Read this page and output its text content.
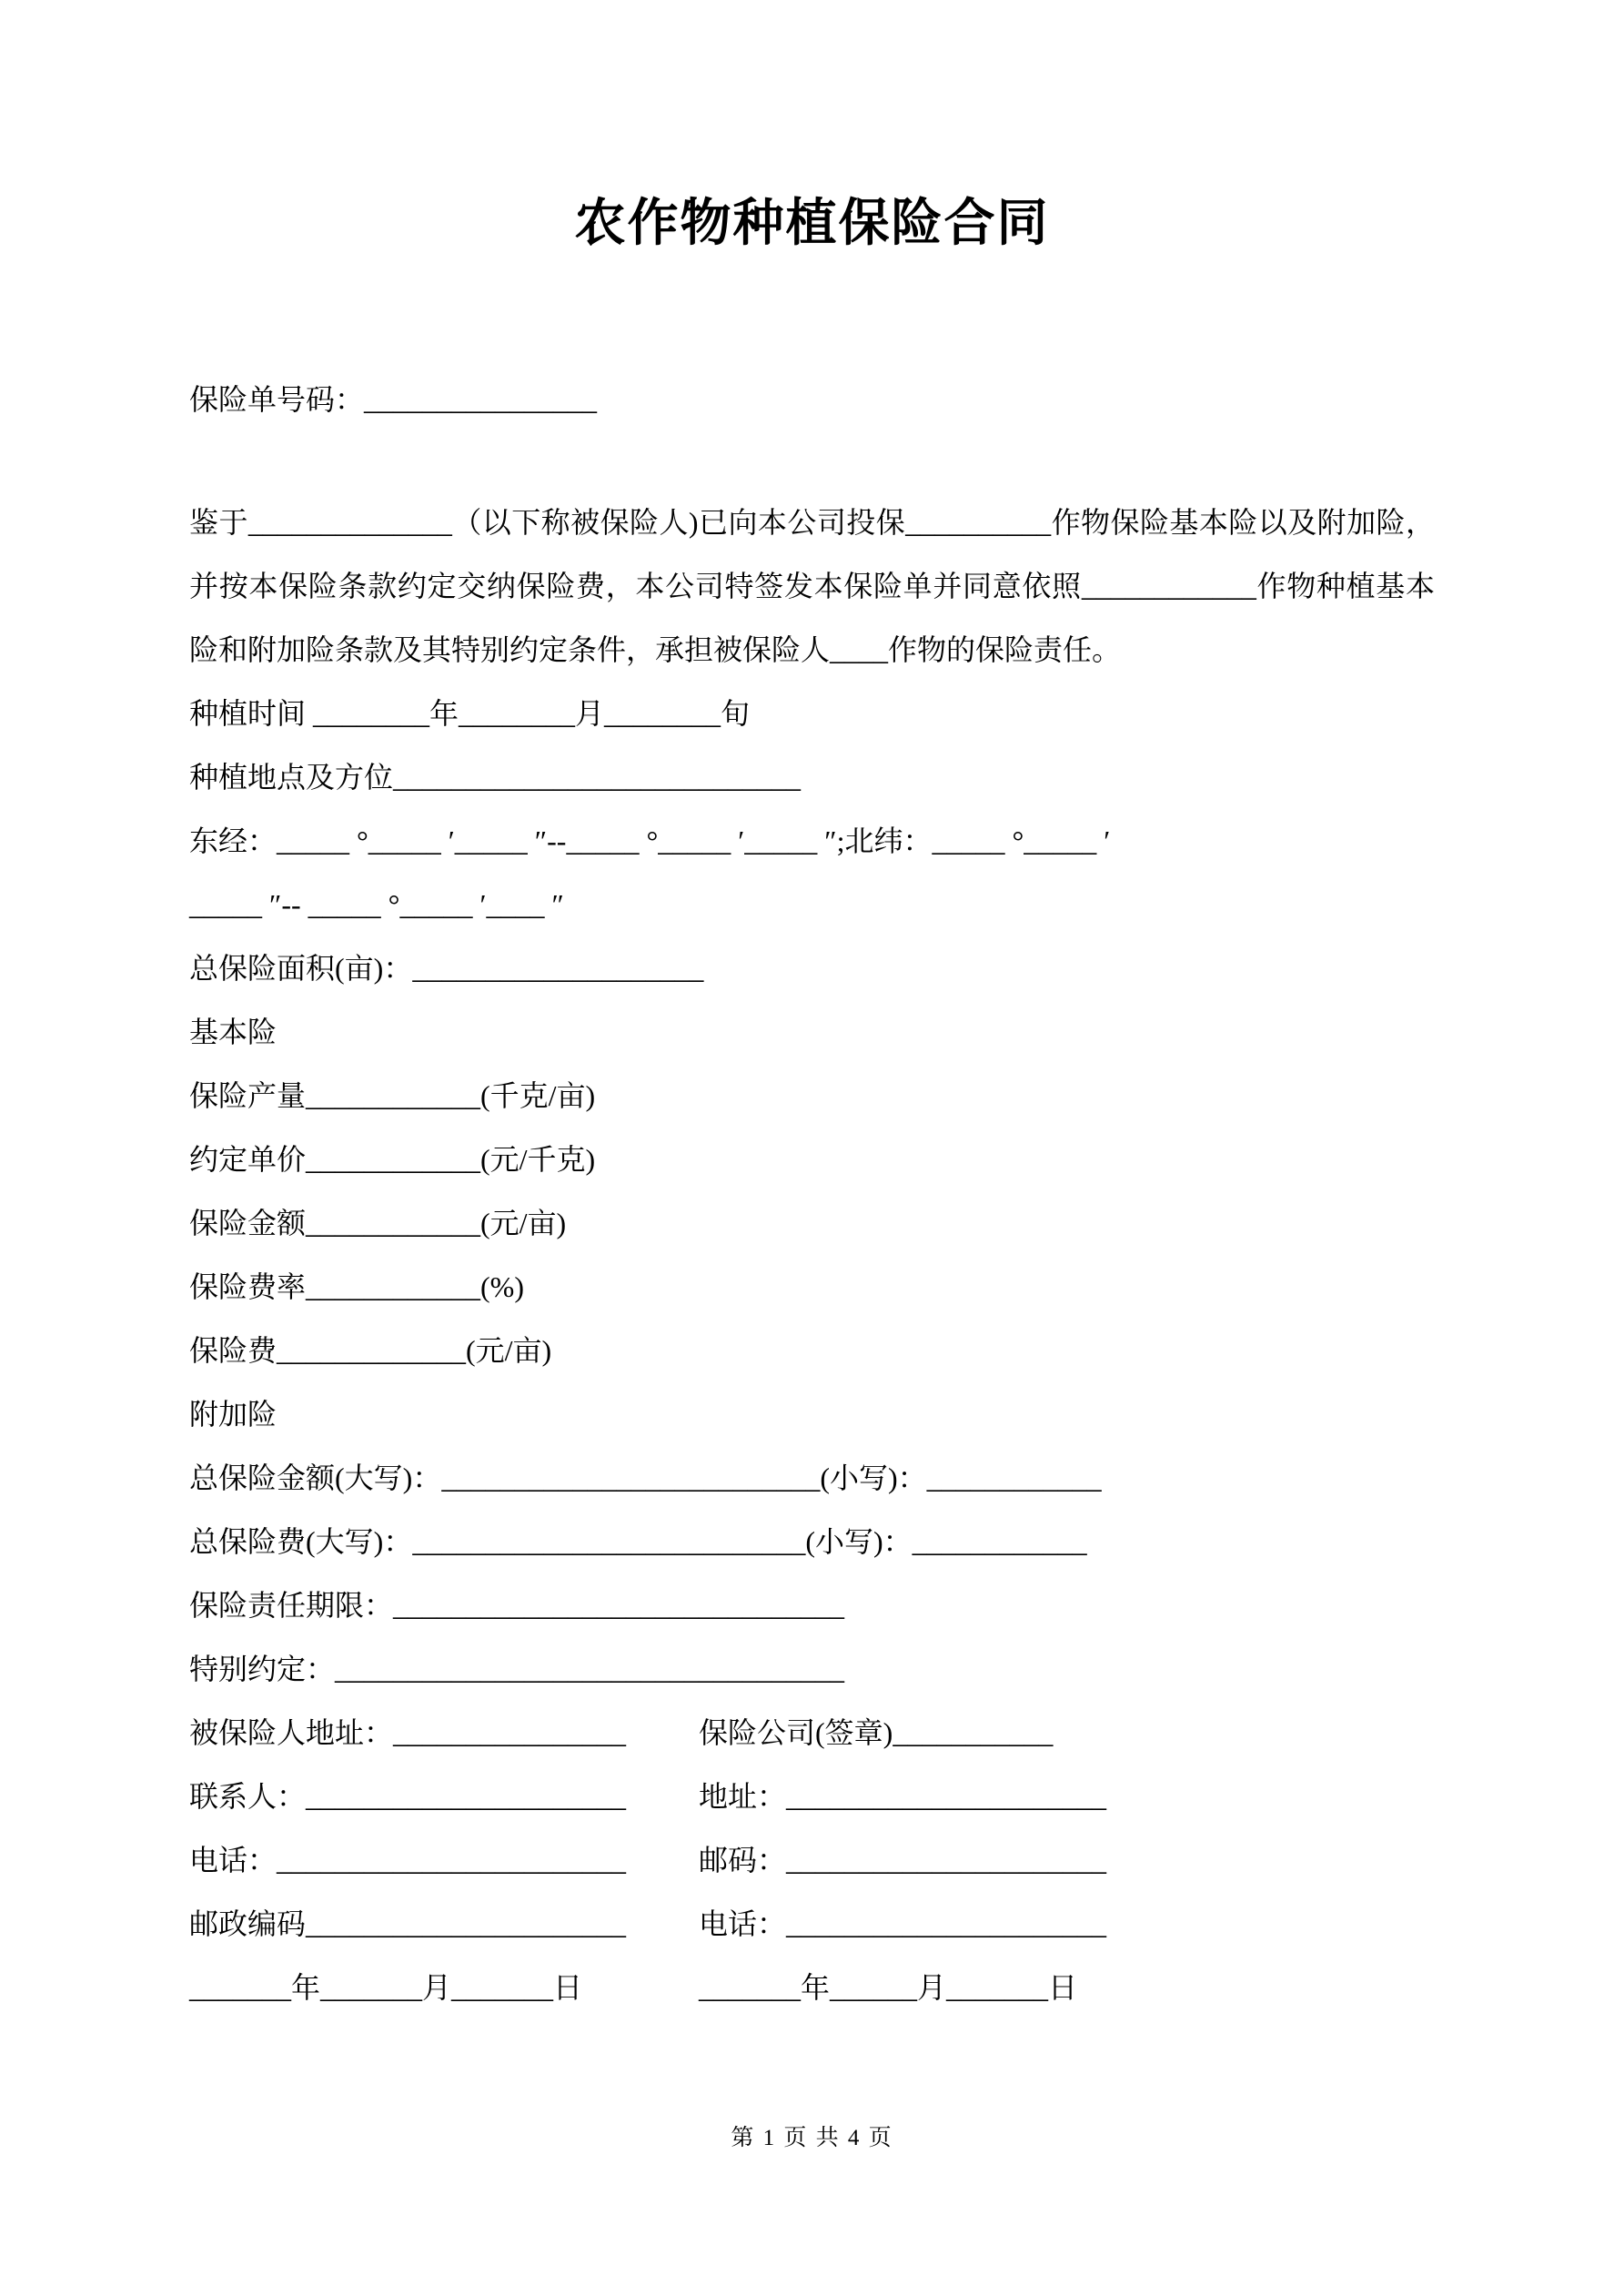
农作物种植保险合同
保险单号码：________________
鉴于______________（以下称被保险人)已向本公司投保__________作物保险基本险以及附加险，并按本保险条款约定交纳保险费，本公司特签发本保险单并同意依照____________作物种植基本险和附加险条款及其特别约定条件，承担被保险人____作物的保险责任。
种植时间 ________年________月________旬
种植地点及方位____________________________
东经：_____ °_____ ′_____ ″--_____ °_____ ′_____ ″;北纬：_____ °_____ ′
_____ ″-- _____ °_____ ′____ ″
总保险面积(亩)：____________________
基本险
保险产量____________(千克/亩)
约定单价____________(元/千克)
保险金额____________(元/亩)
保险费率____________(%)
保险费_____________(元/亩)
附加险
总保险金额(大写)：__________________________(小写)：____________
总保险费(大写)：___________________________(小写)：____________
保险责任期限：_______________________________
特别约定：___________________________________
被保险人地址：________________	保险公司(签章)___________
联系人：______________________	地址：______________________
电话：________________________	邮码：______________________
邮政编码______________________	电话：______________________
_______年_______月_______日	_______年______月_______日
第 1 页 共 4 页
